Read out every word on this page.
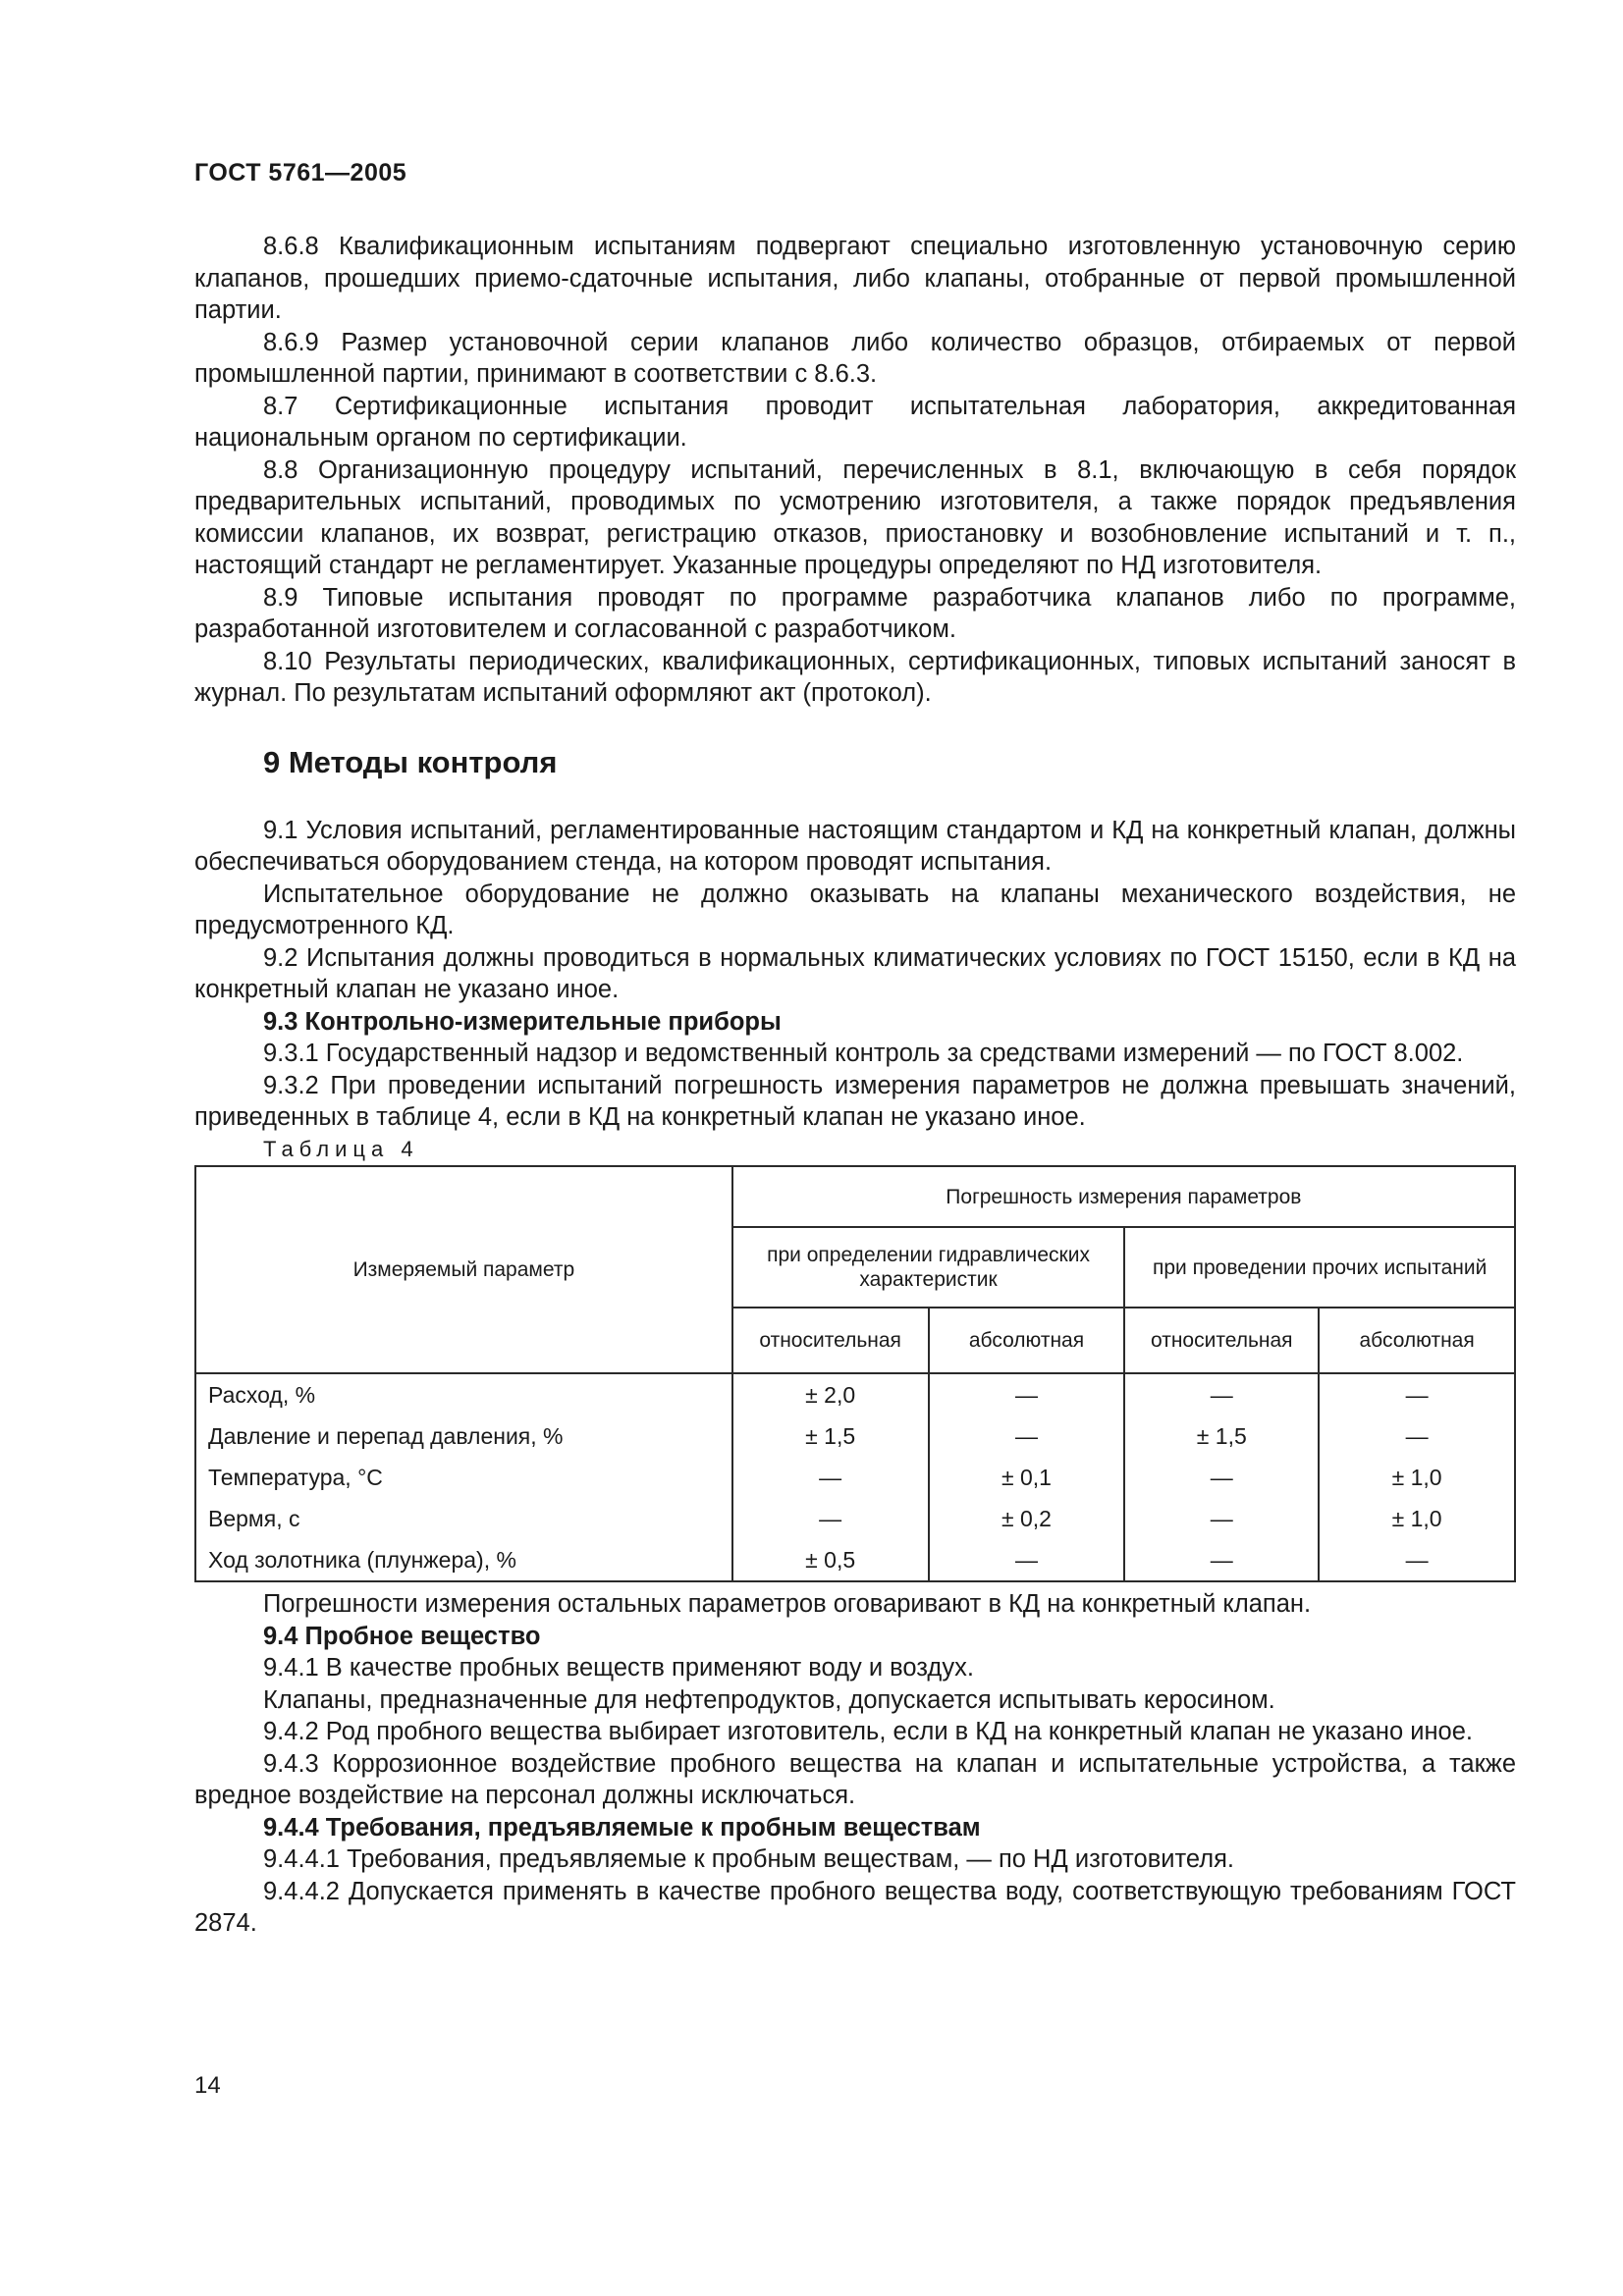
ГОСТ 5761—2005

8.6.8 Квалификационным испытаниям подвергают специально изготовленную установочную серию клапанов, прошедших приемо-сдаточные испытания, либо клапаны, отобранные от первой промышленной партии.

8.6.9 Размер установочной серии клапанов либо количество образцов, отбираемых от первой промышленной партии, принимают в соответствии с 8.6.3.

8.7 Сертификационные испытания проводит испытательная лаборатория, аккредитованная национальным органом по сертификации.

8.8 Организационную процедуру испытаний, перечисленных в 8.1, включающую в себя порядок предварительных испытаний, проводимых по усмотрению изготовителя, а также порядок предъявления комиссии клапанов, их возврат, регистрацию отказов, приостановку и возобновление испытаний и т. п., настоящий стандарт не регламентирует. Указанные процедуры определяют по НД изготовителя.

8.9 Типовые испытания проводят по программе разработчика клапанов либо по программе, разработанной изготовителем и согласованной с разработчиком.

8.10 Результаты периодических, квалификационных, сертификационных, типовых испытаний заносят в журнал. По результатам испытаний оформляют акт (протокол).

9 Методы контроля

9.1 Условия испытаний, регламентированные настоящим стандартом и КД на конкретный клапан, должны обеспечиваться оборудованием стенда, на котором проводят испытания.

Испытательное оборудование не должно оказывать на клапаны механического воздействия, не предусмотренного КД.

9.2 Испытания должны проводиться в нормальных климатических условиях по ГОСТ 15150, если в КД на конкретный клапан не указано иное.

9.3 Контрольно-измерительные приборы

9.3.1 Государственный надзор и ведомственный контроль за средствами измерений — по ГОСТ 8.002.

9.3.2 При проведении испытаний погрешность измерения параметров не должна превышать значений, приведенных в таблице 4, если в КД на конкретный клапан не указано иное.

Таблица 4

Измеряемый параметр	Погрешность измерения параметров			
	при определении гидравлических характеристик		при проведении прочих испытаний	
	относительная	абсолютная	относительная	абсолютная
Расход, %	± 2,0	—	—	—
Давление и перепад давления, %	± 1,5	—	± 1,5	—
Температура, °С	—	± 0,1	—	± 1,0
Вермя, с	—	± 0,2	—	± 1,0
Ход золотника (плунжера), %	± 0,5	—	—	—

Погрешности измерения остальных параметров оговаривают в КД на конкретный клапан.

9.4 Пробное вещество

9.4.1 В качестве пробных веществ применяют воду и воздух.

Клапаны, предназначенные для нефтепродуктов, допускается испытывать керосином.

9.4.2 Род пробного вещества выбирает изготовитель, если в КД на конкретный клапан не указано иное.

9.4.3 Коррозионное воздействие пробного вещества на клапан и испытательные устройства, а также вредное воздействие на персонал должны исключаться.

9.4.4 Требования, предъявляемые к пробным веществам

9.4.4.1 Требования, предъявляемые к пробным веществам, — по НД изготовителя.

9.4.4.2 Допускается применять в качестве пробного вещества воду, соответствующую требованиям ГОСТ 2874.

14
